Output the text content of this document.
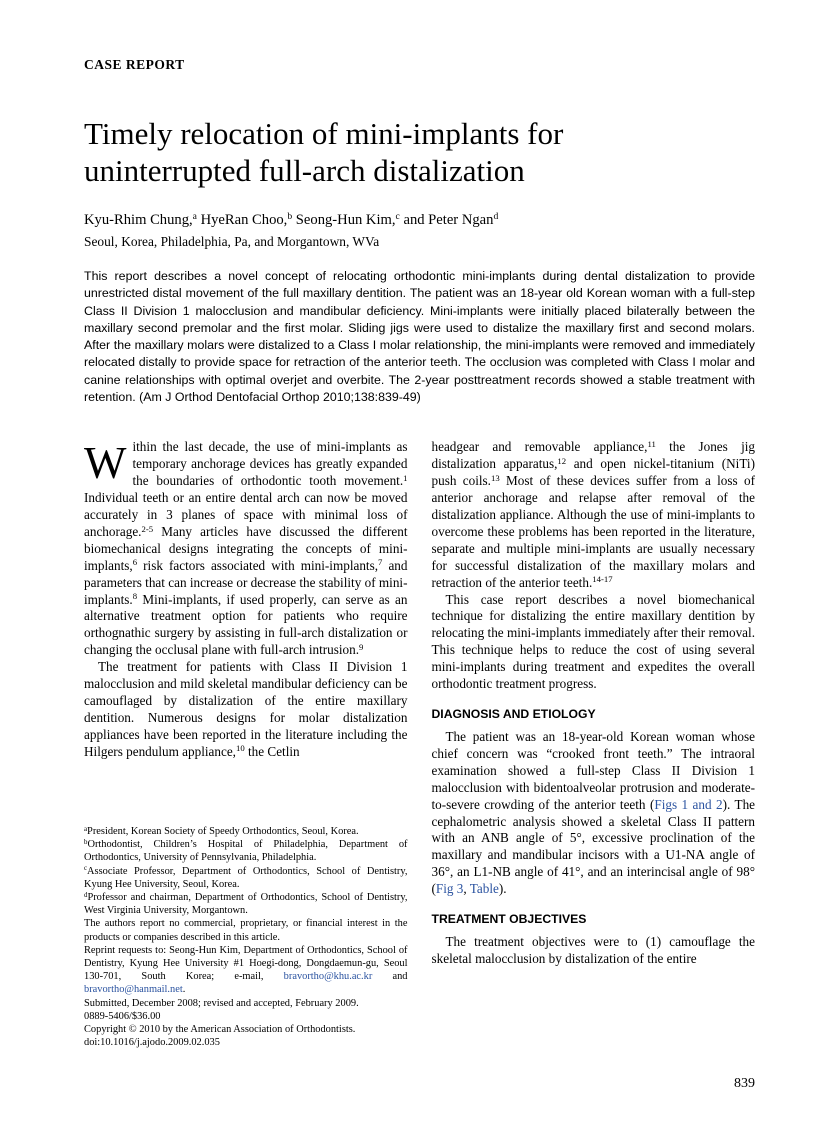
CASE REPORT
Timely relocation of mini-implants for
uninterrupted full-arch distalization
Kyu-Rhim Chung,$^a$ HyeRan Choo,$^b$ Seong-Hun Kim,$^c$ and Peter Ngan$^d$
Seoul, Korea, Philadelphia, Pa, and Morgantown, WVa

This report describes a novel concept of relocating orthodontic mini-implants during dental distalization to provide unrestricted distal movement of the full maxillary dentition. The patient was an 18-year old Korean woman with a full-step Class II Division 1 malocclusion and mandibular deficiency. Mini-implants were initially placed bilaterally between the maxillary second premolar and the first molar. Sliding jigs were used to distalize the maxillary first and second molars. After the maxillary molars were distalized to a Class I molar relationship, the mini-implants were removed and immediately relocated distally to provide space for retraction of the anterior teeth. The occlusion was completed with Class I molar and canine relationships with optimal overjet and overbite. The 2-year posttreatment records showed a stable treatment with retention. (Am J Orthod Dentofacial Orthop 2010;138:839-49)

Within the last decade, the use of mini-implants as temporary anchorage devices has greatly expanded the boundaries of orthodontic tooth movement.$^1$ Individual teeth or an entire dental arch can now be moved accurately in 3 planes of space with minimal loss of anchorage.$^{2-5}$ Many articles have discussed the different biomechanical designs integrating the concepts of mini-implants,$^6$ risk factors associated with mini-implants,$^7$ and parameters that can increase or decrease the stability of mini-implants.$^8$ Mini-implants, if used properly, can serve as an alternative treatment option for patients who require orthognathic surgery by assisting in full-arch distalization or changing the occlusal plane with full-arch intrusion.$^9$

The treatment for patients with Class II Division 1 malocclusion and mild skeletal mandibular deficiency can be camouflaged by distalization of the entire maxillary dentition. Numerous designs for molar distalization appliances have been reported in the literature including the Hilgers pendulum appliance,$^{10}$ the Cetlin

$^a$President, Korean Society of Speedy Orthodontics, Seoul, Korea.

$^b$Orthodontist, Children’s Hospital of Philadelphia, Department of Orthodontics, University of Pennsylvania, Philadelphia.

$^c$Associate Professor, Department of Orthodontics, School of Dentistry, Kyung Hee University, Seoul, Korea.

$^d$Professor and chairman, Department of Orthodontics, School of Dentistry, West Virginia University, Morgantown.

The authors report no commercial, proprietary, or financial interest in the products or companies described in this article.

Reprint requests to: Seong-Hun Kim, Department of Orthodontics, School of Dentistry, Kyung Hee University #1 Hoegi-dong, Dongdaemun-gu, Seoul 130-701, South Korea; e-mail, bravortho@khu.ac.kr and bravortho@hanmail.net.

Submitted, December 2008; revised and accepted, February 2009.

0889-5406/$36.00

Copyright © 2010 by the American Association of Orthodontists.

doi:10.1016/j.ajodo.2009.02.035

headgear and removable appliance,$^{11}$ the Jones jig distalization apparatus,$^{12}$ and open nickel-titanium (NiTi) push coils.$^{13}$ Most of these devices suffer from a loss of anterior anchorage and relapse after removal of the distalization appliance. Although the use of mini-implants to overcome these problems has been reported in the literature, separate and multiple mini-implants are usually necessary for successful distalization of the maxillary molars and retraction of the anterior teeth.$^{14-17}$

This case report describes a novel biomechanical technique for distalizing the entire maxillary dentition by relocating the mini-implants immediately after their removal. This technique helps to reduce the cost of using several mini-implants during treatment and expedites the overall orthodontic treatment progress.

DIAGNOSIS AND ETIOLOGY

The patient was an 18-year-old Korean woman whose chief concern was “crooked front teeth.” The intraoral examination showed a full-step Class II Division 1 malocclusion with bidentoalveolar protrusion and moderate-to-severe crowding of the anterior teeth (Figs 1 and 2). The cephalometric analysis showed a skeletal Class II pattern with an ANB angle of 5°, excessive proclination of the maxillary and mandibular incisors with a U1-NA angle of 36°, an L1-NB angle of 41°, and an interincisal angle of 98° (Fig 3, Table).

TREATMENT OBJECTIVES

The treatment objectives were to (1) camouflage the skeletal malocclusion by distalization of the entire

839
